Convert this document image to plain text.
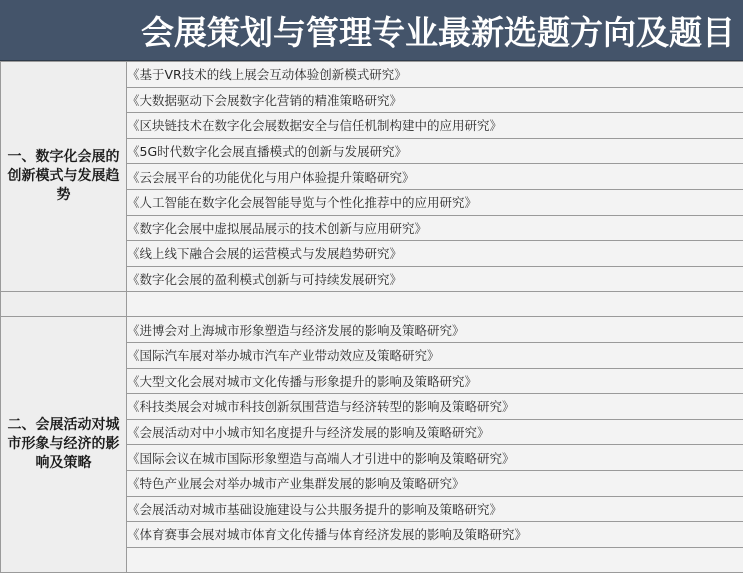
会展策划与管理专业最新选题方向及题目
一、数字化会展的创新模式与发展趋势	《基于VR技术的线上展会互动体验创新模式研究》
	《大数据驱动下会展数字化营销的精准策略研究》
	《区块链技术在数字化会展数据安全与信任机制构建中的应用研究》
	《5G时代数字化会展直播模式的创新与发展研究》
	《云会展平台的功能优化与用户体验提升策略研究》
	《人工智能在数字化会展智能导览与个性化推荐中的应用研究》
	《数字化会展中虚拟展品展示的技术创新与应用研究》
	《线上线下融合会展的运营模式与发展趋势研究》
	《数字化会展的盈利模式创新与可持续发展研究》

二、会展活动对城市形象与经济的影响及策略	《进博会对上海城市形象塑造与经济发展的影响及策略研究》
	《国际汽车展对举办城市汽车产业带动效应及策略研究》
	《大型文化会展对城市文化传播与形象提升的影响及策略研究》
	《科技类展会对城市科技创新氛围营造与经济转型的影响及策略研究》
	《会展活动对中小城市知名度提升与经济发展的影响及策略研究》
	《国际会议在城市国际形象塑造与高端人才引进中的影响及策略研究》
	《特色产业展会对举办城市产业集群发展的影响及策略研究》
	《会展活动对城市基础设施建设与公共服务提升的影响及策略研究》
	《体育赛事会展对城市体育文化传播与体育经济发展的影响及策略研究》
